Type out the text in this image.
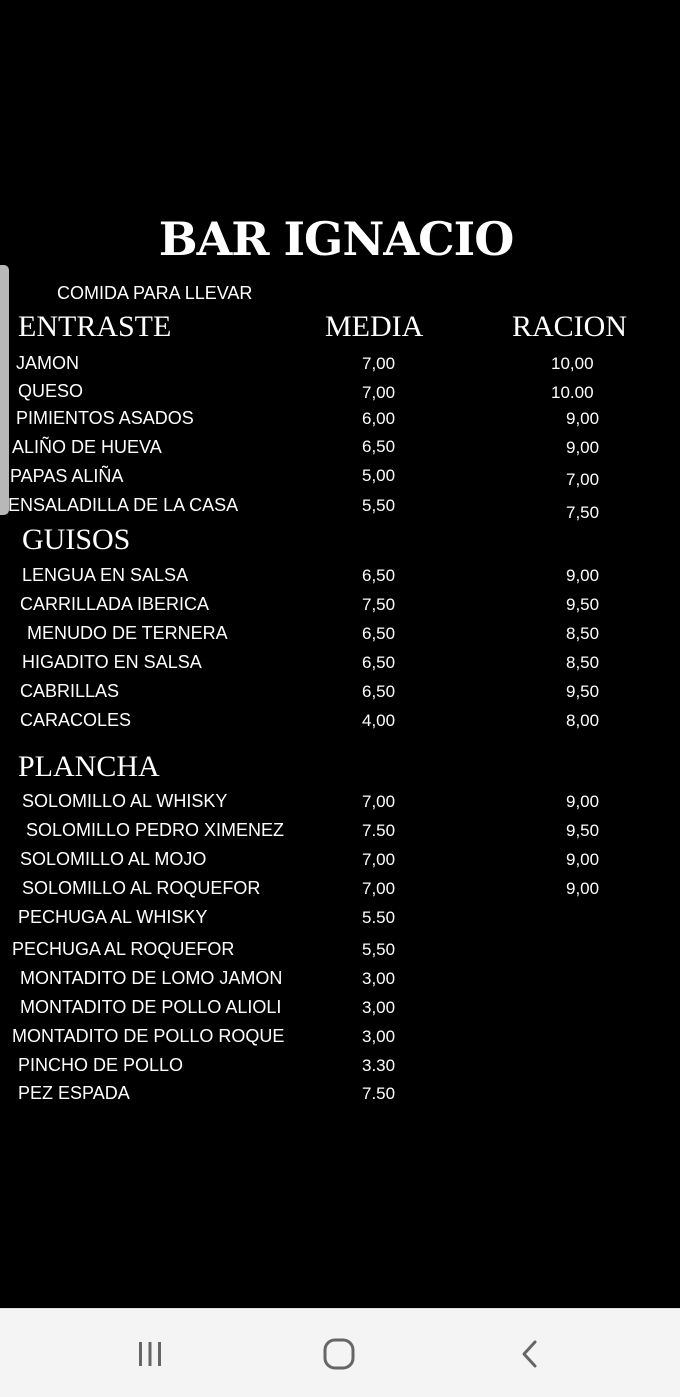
BAR IGNACIO
COMIDA PARA LLEVAR
ENTRASTE	MEDIA	RACION
JAMON	7,00	10,00
QUESO	7,00	10.00
PIMIENTOS ASADOS	6,00	9,00
ALIÑO DE HUEVA	6,50	9,00
PAPAS ALIÑA	5,00	7,00
ENSALADILLA DE LA CASA	5,50	7,50
GUISOS
LENGUA EN SALSA	6,50	9,00
CARRILLADA IBERICA	7,50	9,50
MENUDO DE TERNERA	6,50	8,50
HIGADITO EN SALSA	6,50	8,50
CABRILLAS	6,50	9,50
CARACOLES	4,00	8,00
PLANCHA
SOLOMILLO AL WHISKY	7,00	9,00
SOLOMILLO PEDRO XIMENEZ	7.50	9,50
SOLOMILLO AL MOJO	7,00	9,00
SOLOMILLO AL ROQUEFOR	7,00	9,00
PECHUGA AL WHISKY	5.50
PECHUGA AL ROQUEFOR	5,50
MONTADITO DE LOMO JAMON	3,00
MONTADITO DE POLLO ALIOLI	3,00
MONTADITO DE POLLO ROQUE	3,00
PINCHO DE POLLO	3.30
PEZ ESPADA	7.50
